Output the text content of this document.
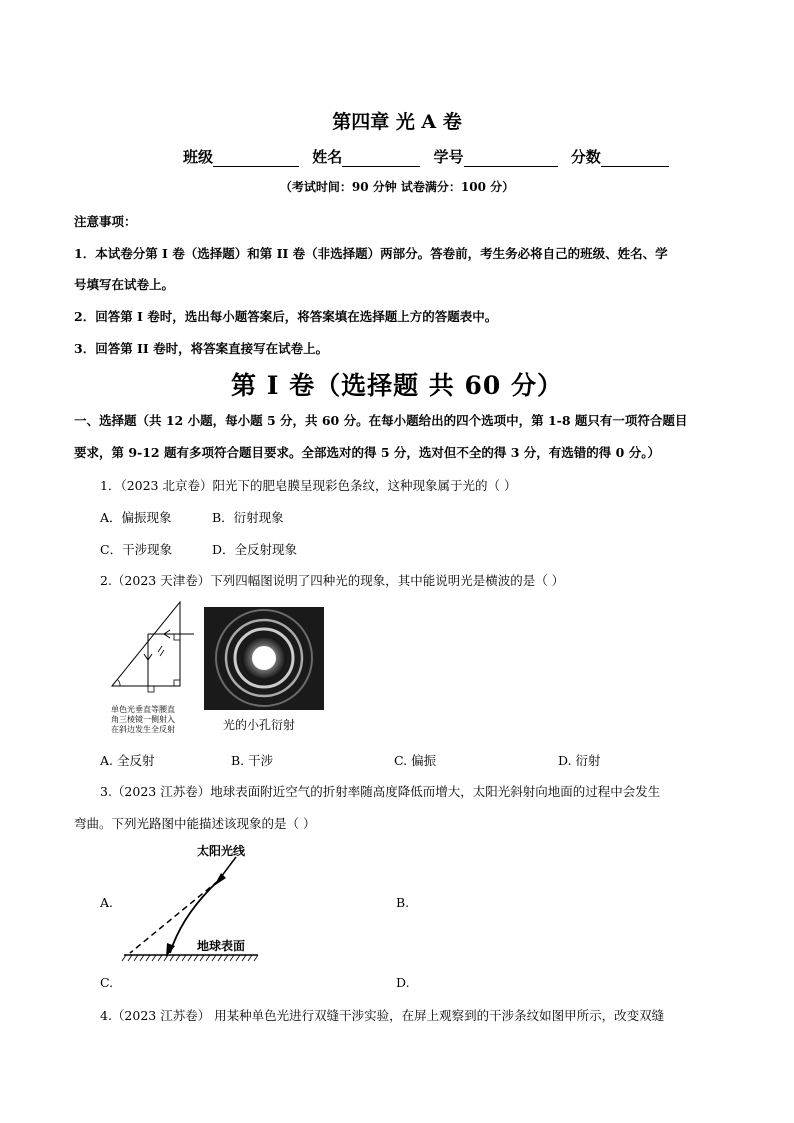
第四章 光 A 卷
班级	姓名	学号	分数
（考试时间：90 分钟 试卷满分：100 分）
注意事项：
1．本试卷分第 I 卷（选择题）和第 II 卷（非选择题）两部分。答卷前，考生务必将自己的班级、姓名、学
号填写在试卷上。
2．回答第 I 卷时，选出每小题答案后，将答案填在选择题上方的答题表中。
3．回答第 II 卷时，将答案直接写在试卷上。
第 I 卷（选择题 共 60 分）
一、选择题（共 12 小题，每小题 5 分，共 60 分。在每小题给出的四个选项中，第 1-8 题只有一项符合题目
要求，第 9-12 题有多项符合题目要求。全部选对的得 5 分，选对但不全的得 3 分，有选错的得 0 分。）
1．（2023 北京卷）阳光下的肥皂膜呈现彩色条纹，这种现象属于光的（ ）
A．偏振现象	B．衍射现象
C．干涉现象	D．全反射现象
2.（2023 天津卷）下列四幅图说明了四种光的现象，其中能说明光是横波的是（ ）
单色光垂直等腰直
角三棱镜一侧射入
在斜边发生全反射	光的小孔衍射
A. 全反射	B. 干涉	C. 偏振	D. 衍射
3.（2023 江苏卷）地球表面附近空气的折射率随高度降低而增大，太阳光斜射向地面的过程中会发生
弯曲。下列光路图中能描述该现象的是（ ）
太阳光线
地球表面
A.	B.
C.	D.
4.（2023 江苏卷） 用某种单色光进行双缝干涉实验，在屏上观察到的干涉条纹如图甲所示，改变双缝
